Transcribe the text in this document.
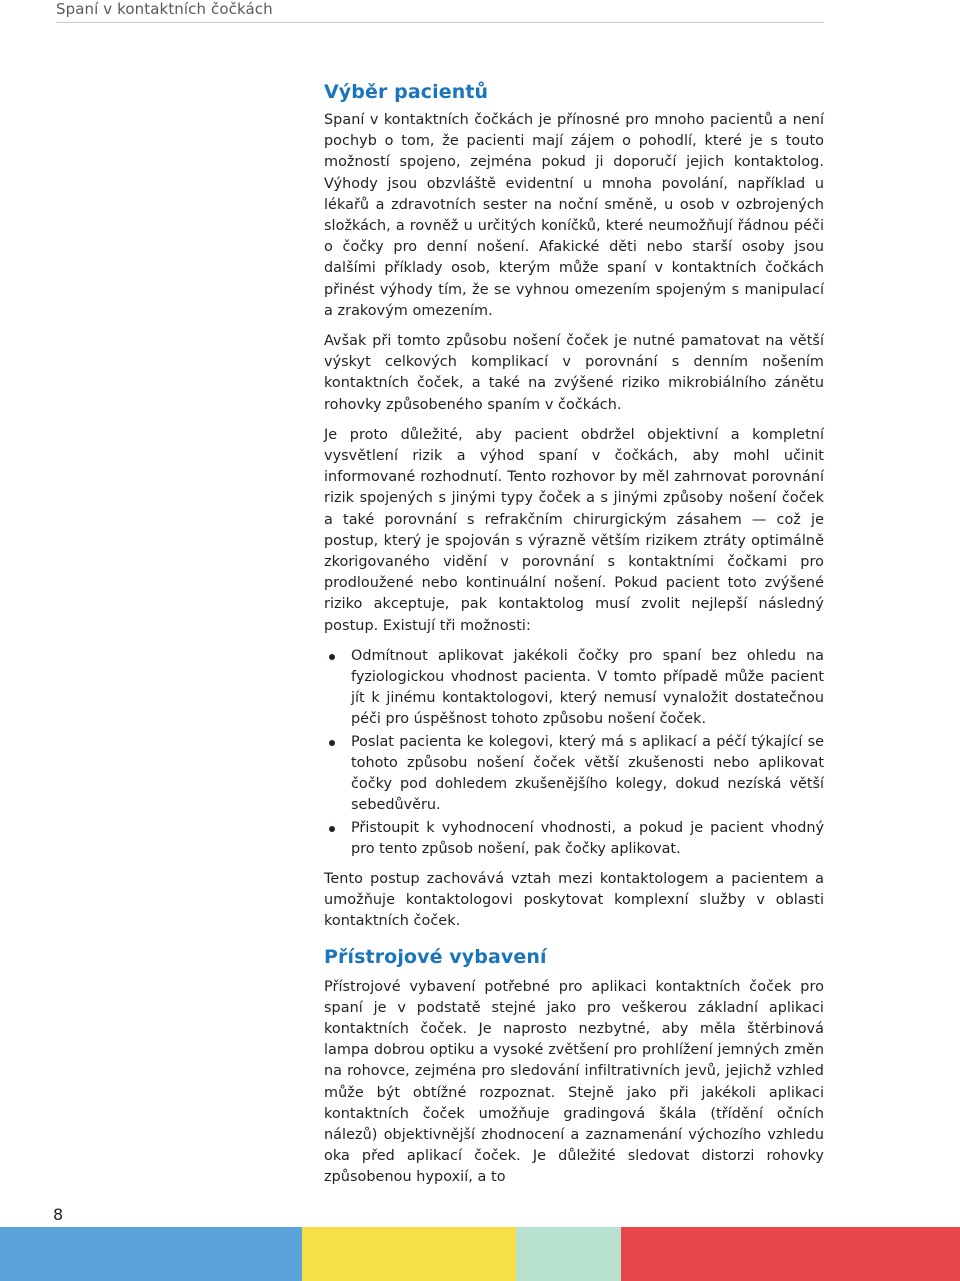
Spaní v kontaktních čočkách
Výběr pacientů

Spaní v kontaktních čočkách je přínosné pro mnoho pacientů a není pochyb o tom, že pacienti mají zájem o pohodlí, které je s touto možností spojeno, zejména pokud ji doporučí jejich kontaktolog. Výhody jsou obzvláště evidentní u mnoha povolání, například u lékařů a zdravotních sester na noční směně, u osob v ozbrojených složkách, a rovněž u určitých koníčků, které neumožňují řádnou péči o čočky pro denní nošení. Afakické děti nebo starší osoby jsou dalšími příklady osob, kterým může spaní v kontaktních čočkách přinést výhody tím, že se vyhnou omezením spojeným s manipulací a zrakovým omezením.

Avšak při tomto způsobu nošení čoček je nutné pamatovat na větší výskyt celkových komplikací v porovnání s denním nošením kontaktních čoček, a také na zvýšené riziko mikrobiálního zánětu rohovky způsobeného spaním v čočkách.

Je proto důležité, aby pacient obdržel objektivní a kompletní vysvětlení rizik a výhod spaní v čočkách, aby mohl učinit informované rozhodnutí. Tento rozhovor by měl zahrnovat porovnání rizik spojených s jinými typy čoček a s jinými způsoby nošení čoček a také porovnání s refrakčním chirurgickým zásahem — což je postup, který je spojován s výrazně větším rizikem ztráty optimálně zkorigovaného vidění v porovnání s kontaktními čočkami pro prodloužené nebo kontinuální nošení. Pokud pacient toto zvýšené riziko akceptuje, pak kontaktolog musí zvolit nejlepší následný postup. Existují tři možnosti:

Odmítnout aplikovat jakékoli čočky pro spaní bez ohledu na fyziologickou vhodnost pacienta. V tomto případě může pacient jít k jinému kontaktologovi, který nemusí vynaložit dostatečnou péči pro úspěšnost tohoto způsobu nošení čoček.
Poslat pacienta ke kolegovi, který má s aplikací a péčí týkající se tohoto způsobu nošení čoček větší zkušenosti nebo aplikovat čočky pod dohledem zkušenějšího kolegy, dokud nezíská větší sebedůvěru.
Přistoupit k vyhodnocení vhodnosti, a pokud je pacient vhodný pro tento způsob nošení, pak čočky aplikovat.

Tento postup zachovává vztah mezi kontaktologem a pacientem a umožňuje kontaktologovi poskytovat komplexní služby v oblasti kontaktních čoček.

Přístrojové vybavení

Přístrojové vybavení potřebné pro aplikaci kontaktních čoček pro spaní je v podstatě stejné jako pro veškerou základní aplikaci kontaktních čoček. Je naprosto nezbytné, aby měla štěrbinová lampa dobrou optiku a vysoké zvětšení pro prohlížení jemných změn na rohovce, zejména pro sledování infiltrativních jevů, jejichž vzhled může být obtížné rozpoznat. Stejně jako při jakékoli aplikaci kontaktních čoček umožňuje gradingová škála (třídění očních nálezů) objektivnější zhodnocení a zaznamenání výchozího vzhledu oka před aplikací čoček. Je důležité sledovat distorzi rohovky způsobenou hypoxií, a to

8
